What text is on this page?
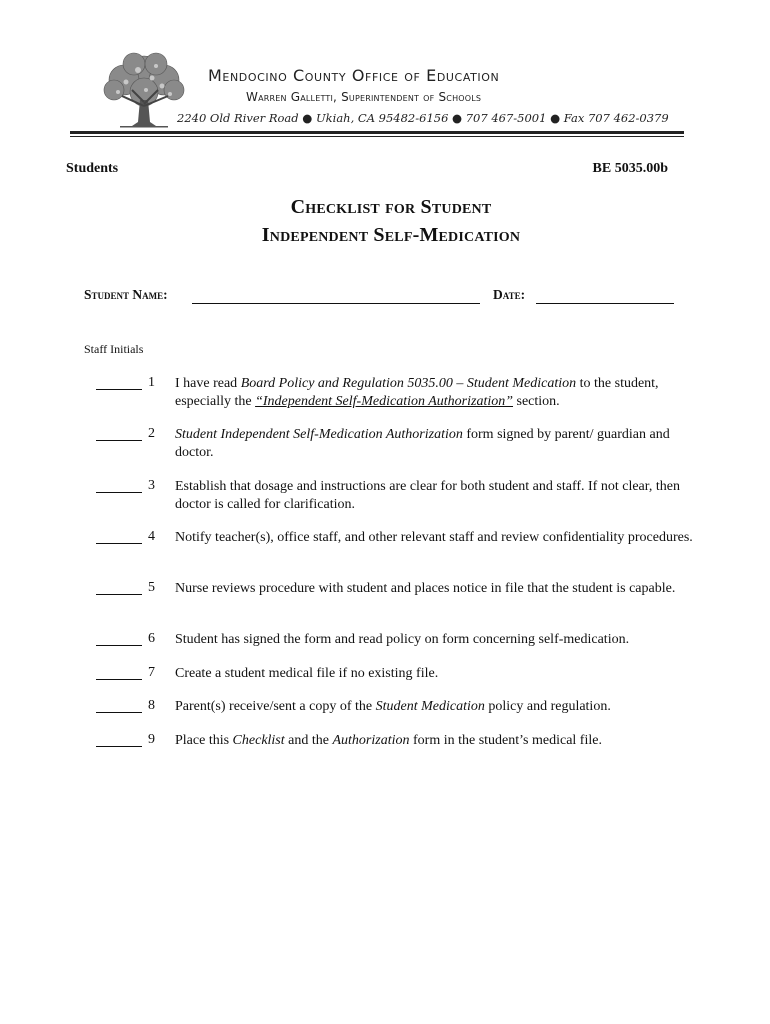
Mendocino County Office of Education
Warren Galletti, Superintendent of Schools
2240 Old River Road ● Ukiah, CA 95482-6156 ● 707 467-5001 ● Fax 707 462-0379
Students	BE 5035.00b
Checklist for Student
Independent Self-Medication
Student Name:	Date:
Staff Initials
1 I have read Board Policy and Regulation 5035.00 – Student Medication to the student, especially the “Independent Self-Medication Authorization” section.
2 Student Independent Self-Medication Authorization form signed by parent/ guardian and doctor.
3 Establish that dosage and instructions are clear for both student and staff. If not clear, then doctor is called for clarification.
4 Notify teacher(s), office staff, and other relevant staff and review confidentiality procedures.
5 Nurse reviews procedure with student and places notice in file that the student is capable.
6 Student has signed the form and read policy on form concerning self-medication.
7 Create a student medical file if no existing file.
8 Parent(s) receive/sent a copy of the Student Medication policy and regulation.
9 Place this Checklist and the Authorization form in the student’s medical file.
